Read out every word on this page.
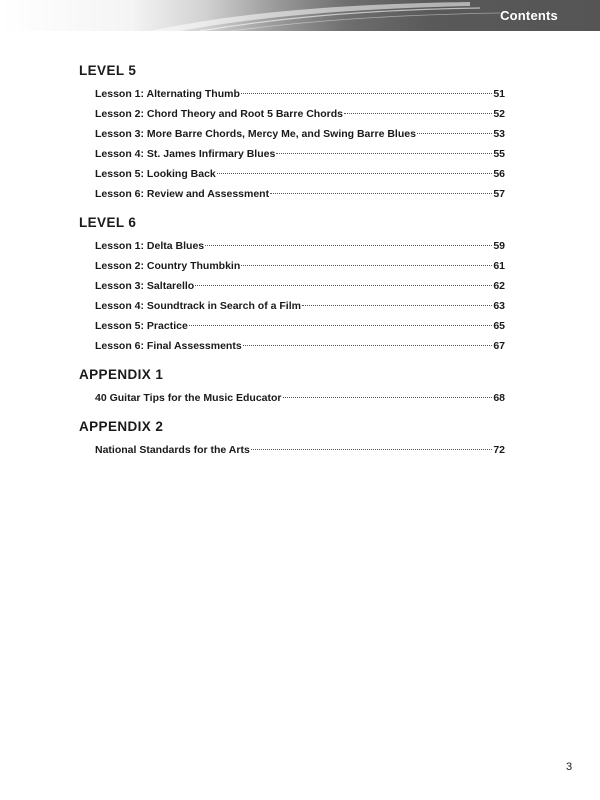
Contents
LEVEL 5
Lesson 1: Alternating Thumb	51
Lesson 2: Chord Theory and Root 5 Barre Chords	52
Lesson 3: More Barre Chords, Mercy Me, and Swing Barre Blues	53
Lesson 4: St. James Infirmary Blues	55
Lesson 5: Looking Back	56
Lesson 6: Review and Assessment	57
LEVEL 6
Lesson 1: Delta Blues	59
Lesson 2: Country Thumbkin	61
Lesson 3: Saltarello	62
Lesson 4: Soundtrack in Search of a Film	63
Lesson 5: Practice	65
Lesson 6: Final Assessments	67
APPENDIX 1
40 Guitar Tips for the Music Educator	68
APPENDIX 2
National Standards for the Arts	72
3
